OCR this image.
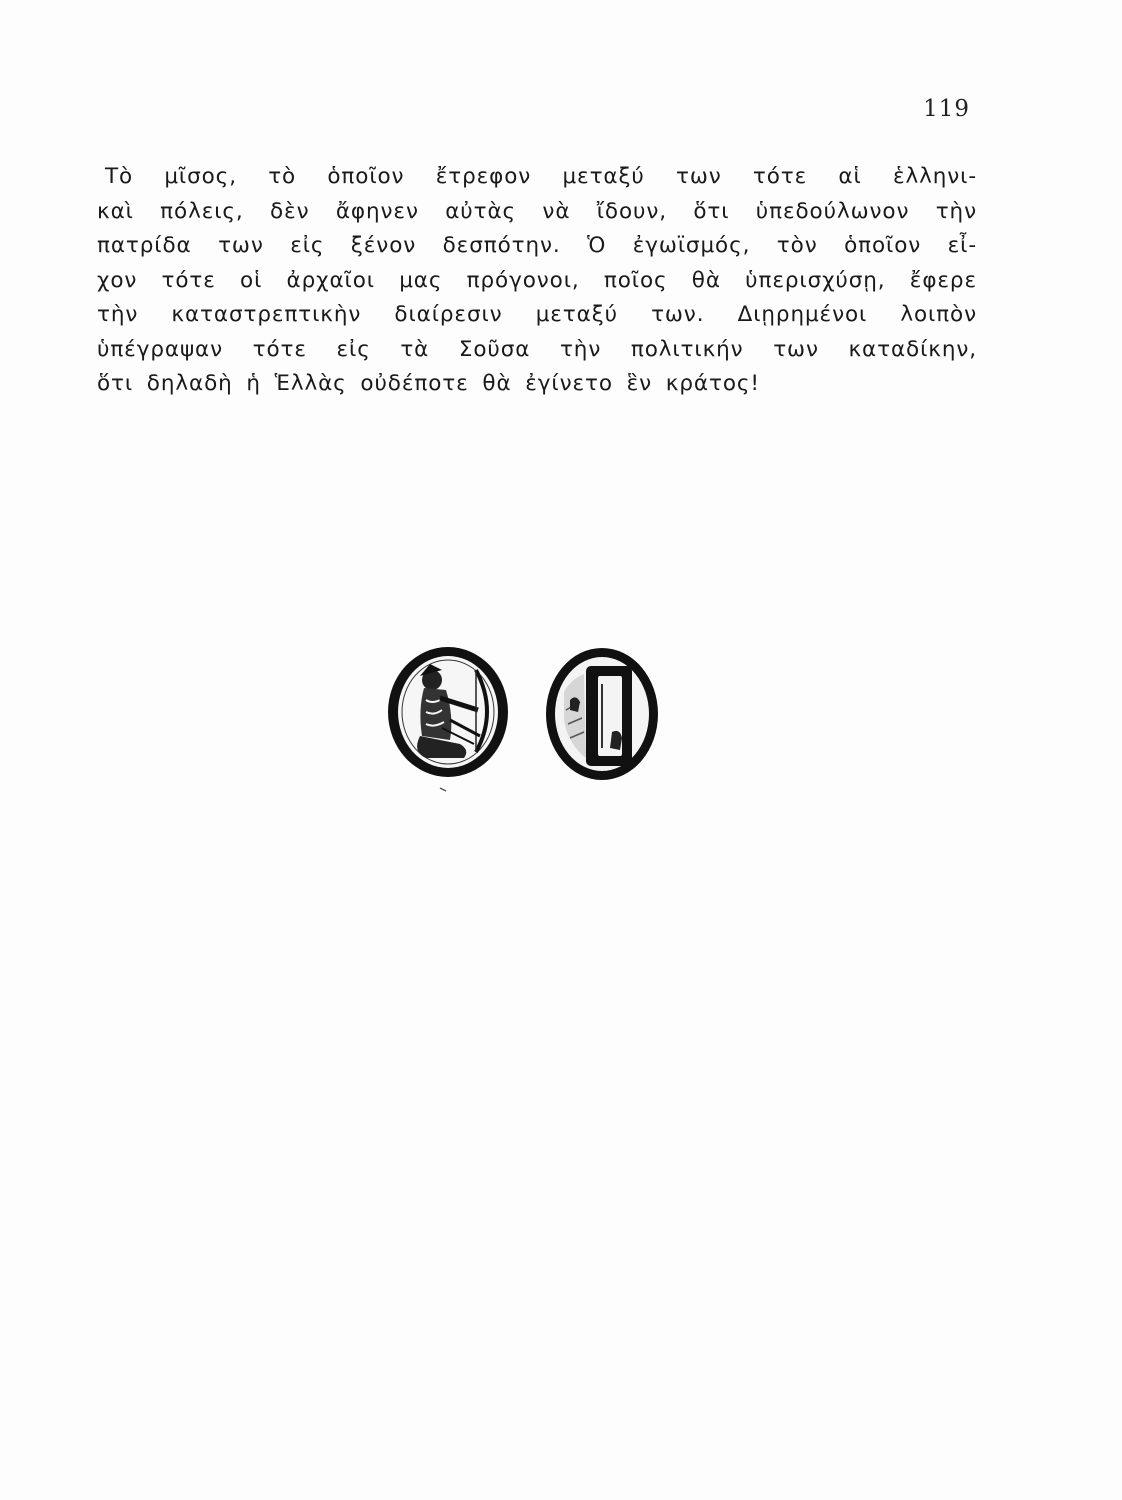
119
Τὸ μῖσος, τὸ ὁποῖον ἔτρεφον μεταξύ των τότε αἱ ἑλληνι-
καὶ πόλεις, δὲν ἄφηνεν αὐτὰς νὰ ἴδουν, ὅτι ὑπεδούλωνον τὴν
πατρίδα των εἰς ξένον δεσπότην. Ὁ ἐγωϊσμός, τὸν ὁποῖον εἶ-
χον τότε οἱ ἀρχαῖοι μας πρόγονοι, ποῖος θὰ ὑπερισχύσῃ, ἔφερε
τὴν καταστρεπτικὴν διαίρεσιν μεταξύ των. Διῃρημένοι λοιπὸν
ὑπέγραψαν τότε εἰς τὰ Σοῦσα τὴν πολιτικήν των καταδίκην,
ὅτι δηλαδὴ ἡ Ἑλλὰς οὐδέποτε θὰ ἐγίνετο ἓν κράτος!
